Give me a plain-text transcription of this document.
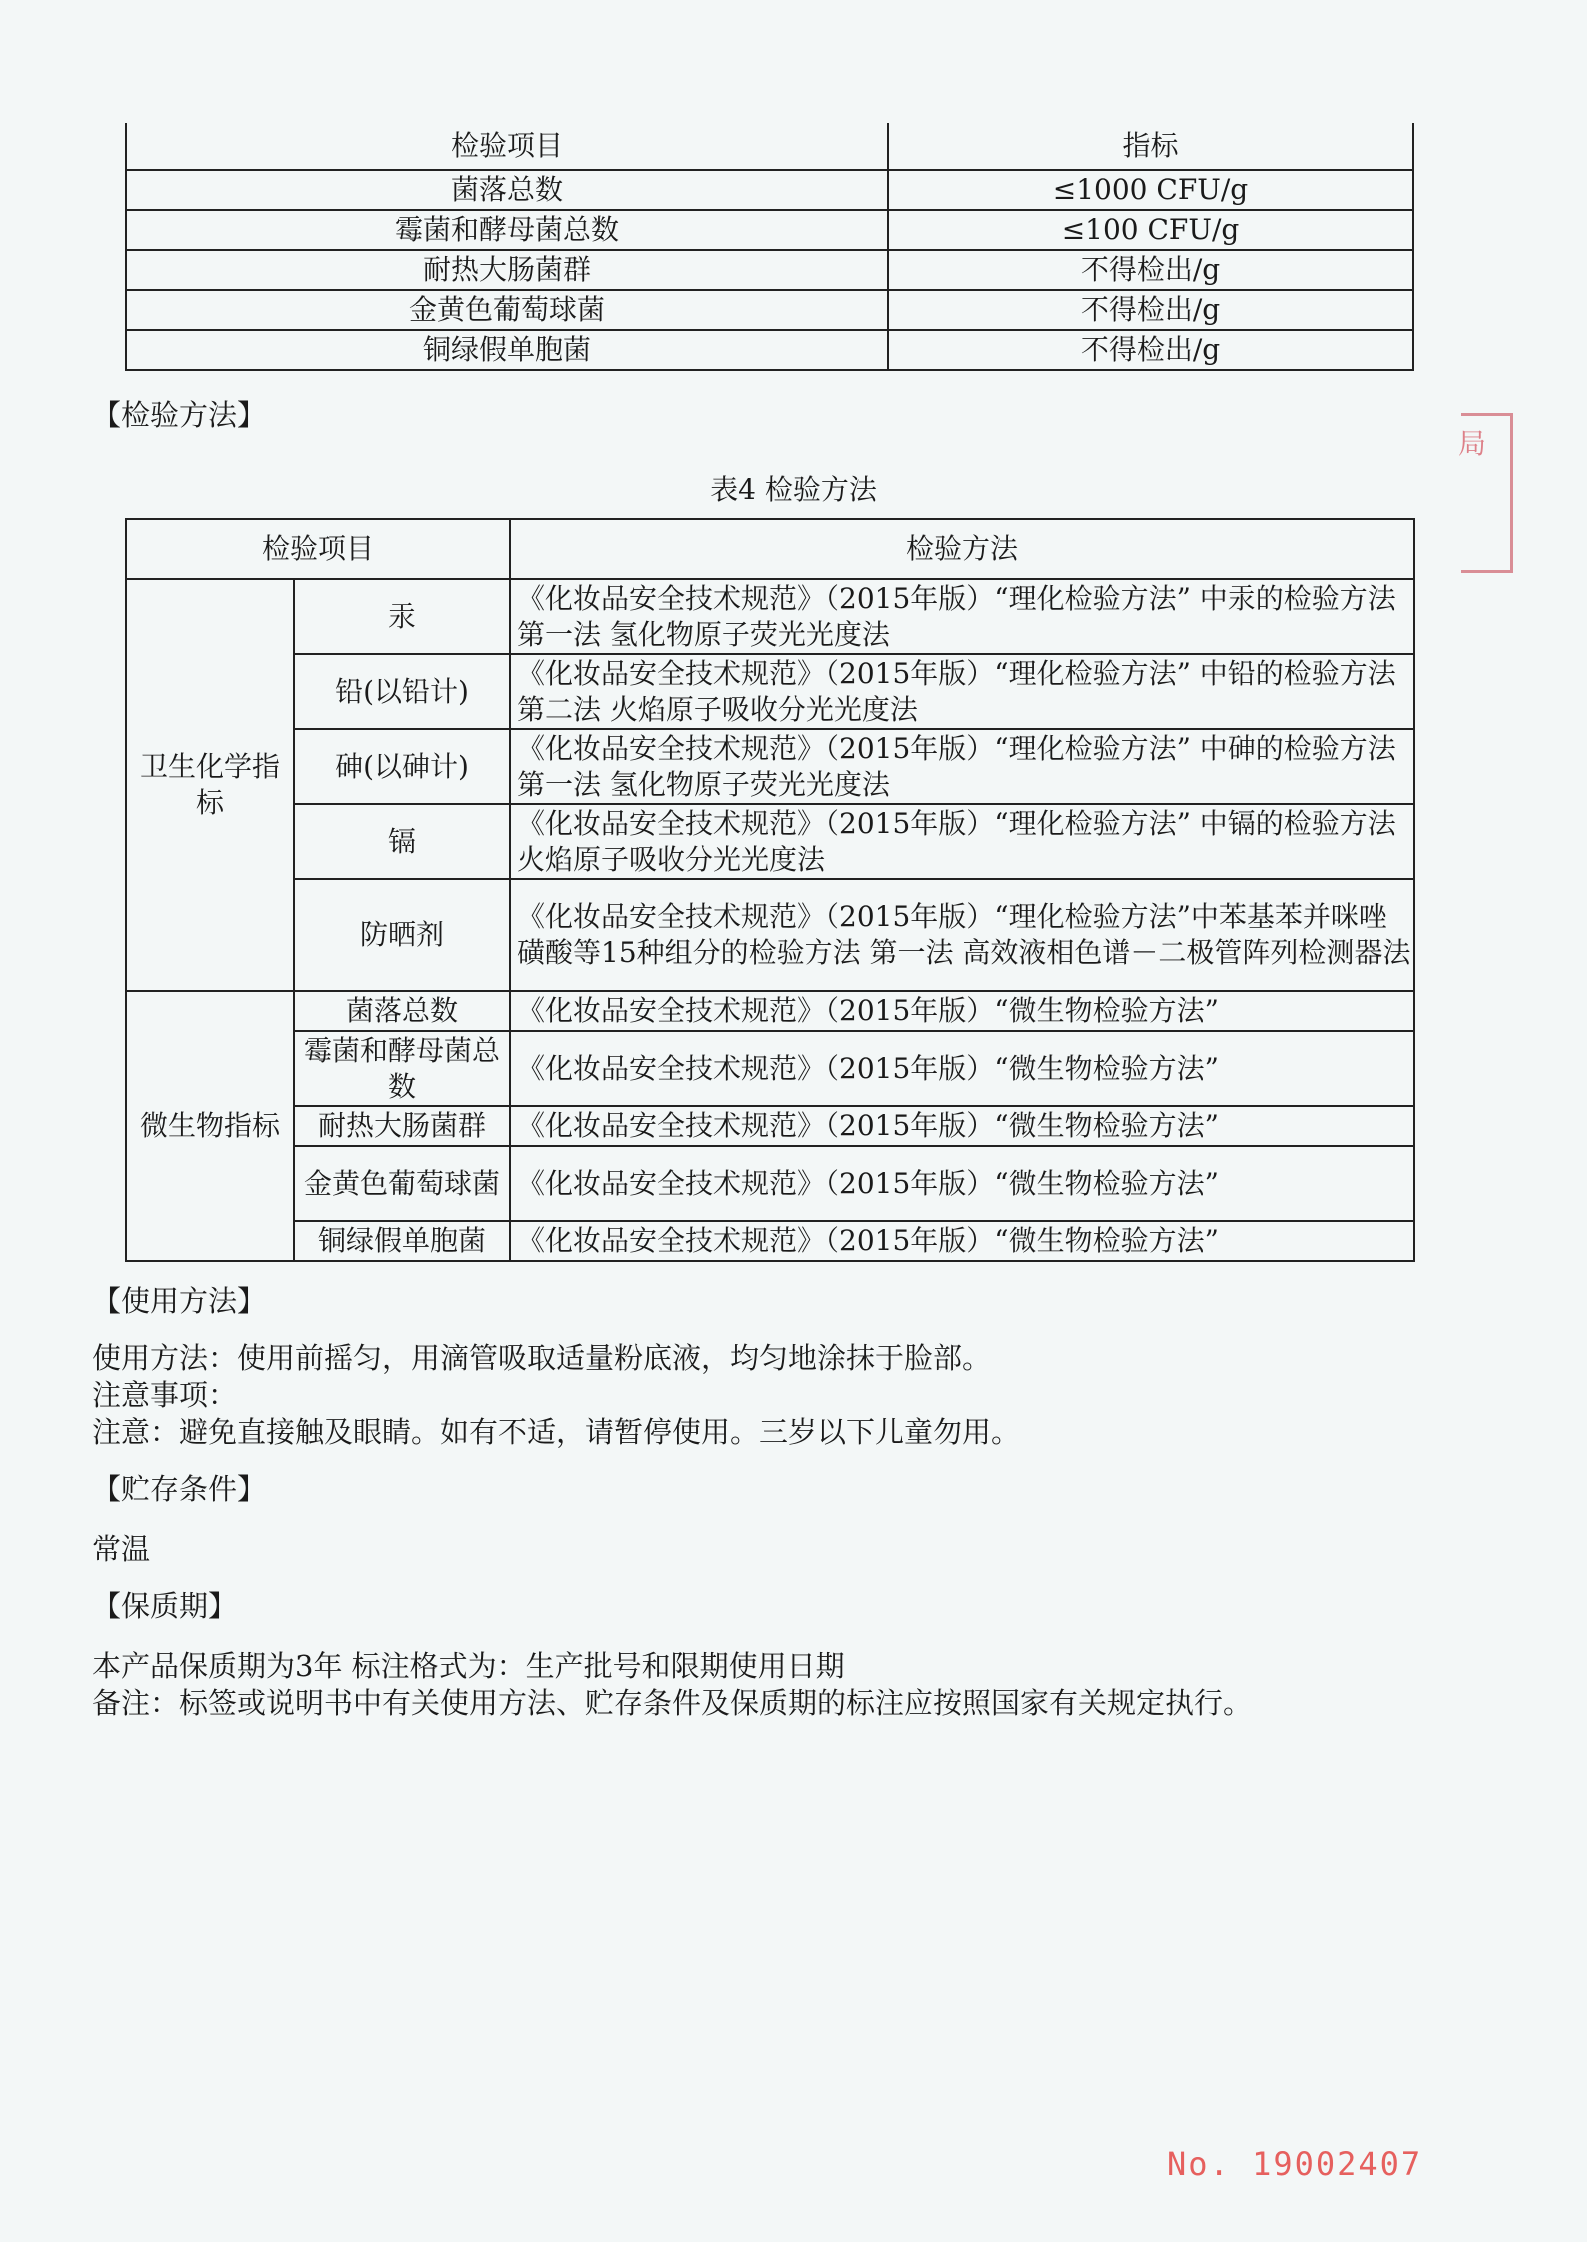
检验项目	指标
菌落总数	≤1000 CFU/g
霉菌和酵母菌总数	≤100 CFU/g
耐热大肠菌群	不得检出/g
金黄色葡萄球菌	不得检出/g
铜绿假单胞菌	不得检出/g
【检验方法】
表4 检验方法
检验项目		检验方法
卫生化学指标	汞	《化妆品安全技术规范》（2015年版）“理化检验方法” 中汞的检验方法第一法 氢化物原子荧光光度法
	铅(以铅计)	《化妆品安全技术规范》（2015年版）“理化检验方法” 中铅的检验方法第二法 火焰原子吸收分光光度法
	砷(以砷计)	《化妆品安全技术规范》（2015年版）“理化检验方法” 中砷的检验方法第一法 氢化物原子荧光光度法
	镉	《化妆品安全技术规范》（2015年版）“理化检验方法” 中镉的检验方法 火焰原子吸收分光光度法
	防晒剂	《化妆品安全技术规范》（2015年版）“理化检验方法”中苯基苯并咪唑磺酸等15种组分的检验方法 第一法 高效液相色谱－二极管阵列检测器法
微生物指标	菌落总数	《化妆品安全技术规范》（2015年版）“微生物检验方法”
	霉菌和酵母菌总数	《化妆品安全技术规范》（2015年版）“微生物检验方法”
	耐热大肠菌群	《化妆品安全技术规范》（2015年版）“微生物检验方法”
	金黄色葡萄球菌	《化妆品安全技术规范》（2015年版）“微生物检验方法”
	铜绿假单胞菌	《化妆品安全技术规范》（2015年版）“微生物检验方法”
【使用方法】
使用方法：使用前摇匀，用滴管吸取适量粉底液，均匀地涂抹于脸部。
注意事项：
注意：避免直接触及眼睛。如有不适，请暂停使用。三岁以下儿童勿用。
【贮存条件】
常温
【保质期】
本产品保质期为3年 标注格式为：生产批号和限期使用日期
备注：标签或说明书中有关使用方法、贮存条件及保质期的标注应按照国家有关规定执行。
局
No. 19002407
